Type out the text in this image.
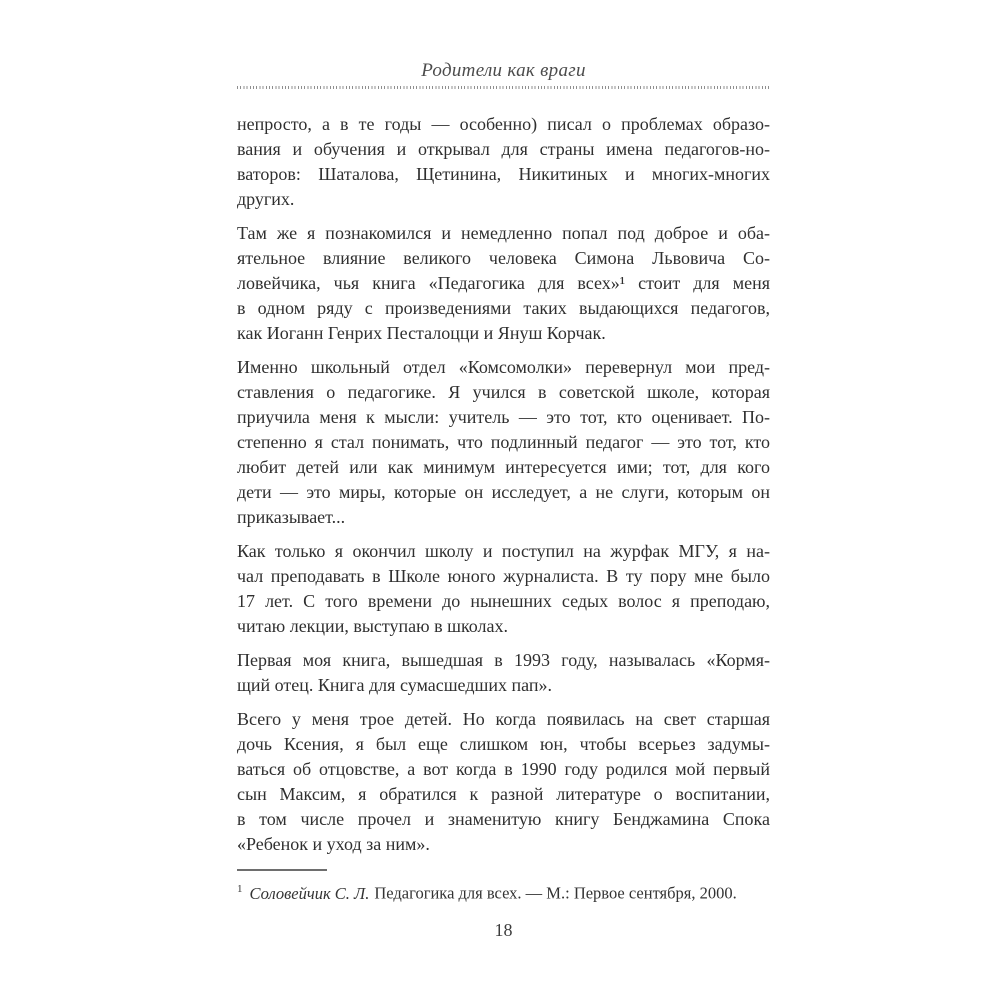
Родители как враги
непросто, а в те годы — особенно) писал о проблемах образо-
вания и обучения и открывал для страны имена педагогов-но-
ваторов: Шаталова, Щетинина, Никитиных и многих-многих
других.
Там же я познакомился и немедленно попал под доброе и оба-
ятельное влияние великого человека Симона Львовича Со-
ловейчика, чья книга «Педагогика для всех»¹ стоит для меня
в одном ряду с произведениями таких выдающихся педагогов,
как Иоганн Генрих Песталоцци и Януш Корчак.
Именно школьный отдел «Комсомолки» перевернул мои пред-
ставления о педагогике. Я учился в советской школе, которая
приучила меня к мысли: учитель — это тот, кто оценивает. По-
степенно я стал понимать, что подлинный педагог — это тот, кто
любит детей или как минимум интересуется ими; тот, для кого
дети — это миры, которые он исследует, а не слуги, которым он
приказывает...
Как только я окончил школу и поступил на журфак МГУ, я на-
чал преподавать в Школе юного журналиста. В ту пору мне было
17 лет. С того времени до нынешних седых волос я преподаю,
читаю лекции, выступаю в школах.
Первая моя книга, вышедшая в 1993 году, называлась «Кормя-
щий отец. Книга для сумасшедших пап».
Всего у меня трое детей. Но когда появилась на свет старшая
дочь Ксения, я был еще слишком юн, чтобы всерьез задумы-
ваться об отцовстве, а вот когда в 1990 году родился мой первый
сын Максим, я обратился к разной литературе о воспитании,
в том числе прочел и знаменитую книгу Бенджамина Спока
«Ребенок и уход за ним».
$^1$ Соловейчик С. Л. Педагогика для всех. — М.: Первое сентября, 2000.
18
